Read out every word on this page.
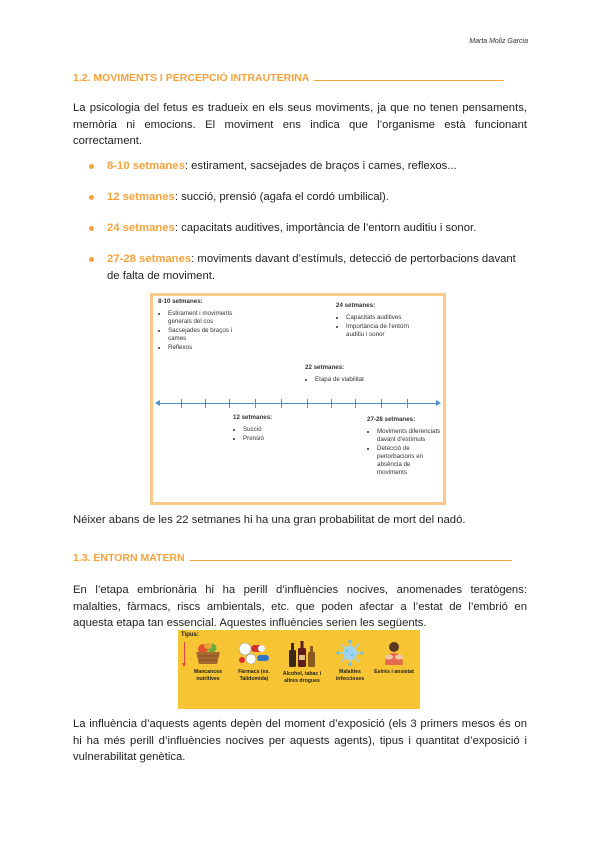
Marta Moliz Garcia
1.2. MOVIMENTS I PERCEPCIÓ INTRAUTERINA

La psicologia del fetus es tradueix en els seus moviments, ja que no tenen pensaments, memòria ni emocions. El moviment ens indica que l’organisme està funcionant correctament.

8-10 setmanes: estirament, sacsejades de braços i cames, reflexos...
12 setmanes: succió, prensió (agafa el cordó umbilical).
24 setmanes: capacitats auditives, importància de l’entorn auditiu i sonor.
27-28 setmanes: moviments davant d’estímuls, detecció de pertorbacions davant de falta de moviment.
8-10 setmanes:
• Estirament i moviments generals del cos
• Sacsejades de braços i cames
• Reflexos
24 setmanes:
• Capacitats auditives
• Importància de l’entorn auditiu i sonor
22 setmanes:
• Etapa de viabilitat
12 setmanes:
• Succió
• Prensió
27-28 setmanes:
• Moviments diferenciats davant d’estímuls
• Detecció de pertorbacions en absència de moviments

Néixer abans de les 22 setmanes hi ha una gran probabilitat de mort del nadó.

1.3. ENTORN MATERN

En l’etapa embrionària hi ha perill d’influències nocives, anomenades teratògens: malalties, fàrmacs, riscs ambientals, etc. que poden afectar a l’estat de l’embrió en aquesta etapa tan essencial. Aquestes influències serien les següents.

Tipus:
Mancances nutritives
Fàrmacs (ex. Talidomida)
Alcohol, tabac i altres drogues
Malalties infeccioses
Estrès i ansietat

La influència d’aquests agents depèn del moment d’exposició (els 3 primers mesos és on hi ha més perill d’influències nocives per aquests agents), tipus i quantitat d’exposició i vulnerabilitat genètica.
